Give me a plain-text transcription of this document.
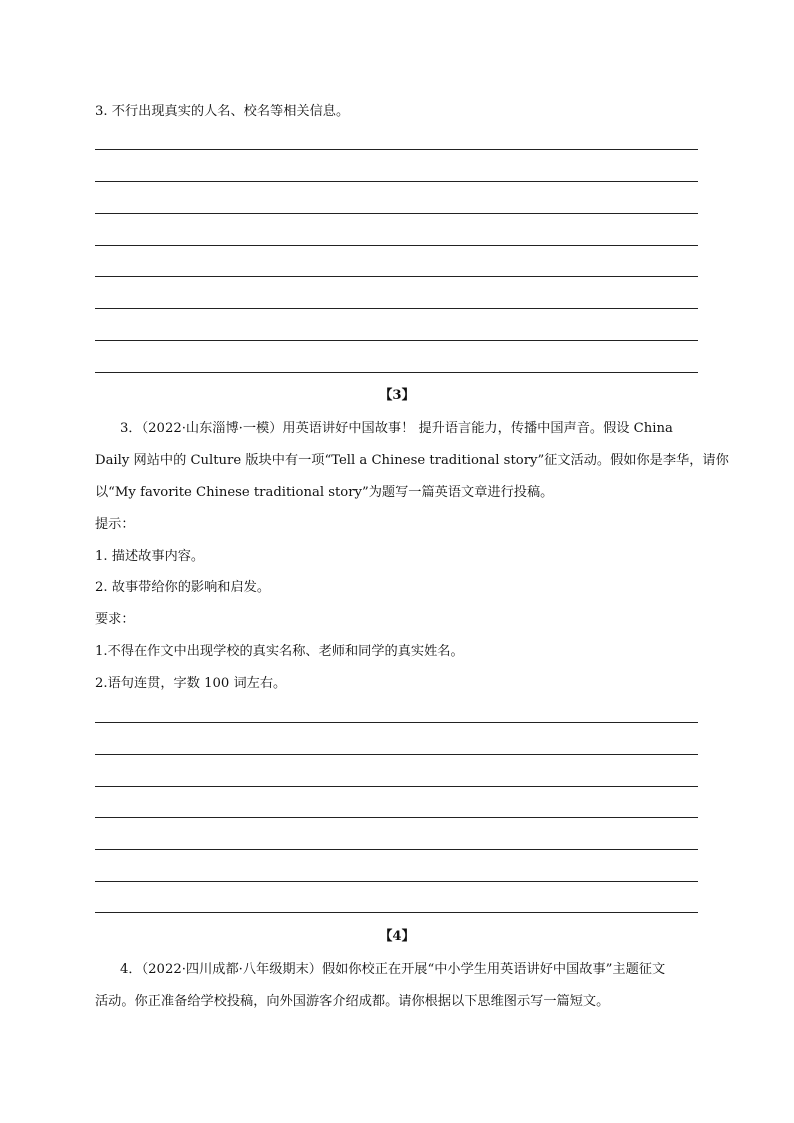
3. 不行出现真实的人名、校名等相关信息。
【3】
3．（2022·山东淄博·一模）用英语讲好中国故事！ 提升语言能力，传播中国声音。假设 China
Daily 网站中的 Culture 版块中有一项“Tell a Chinese traditional story”征文活动。假如你是李华，请你
以“My favorite Chinese traditional story”为题写一篇英语文章进行投稿。
提示：
1. 描述故事内容。
2. 故事带给你的影响和启发。
要求：
1.不得在作文中出现学校的真实名称、老师和同学的真实姓名。
2.语句连贯，字数 100 词左右。
【4】
4．（2022·四川成都·八年级期末）假如你校正在开展“中小学生用英语讲好中国故事”主题征文
活动。你正准备给学校投稿，向外国游客介绍成都。请你根据以下思维图示写一篇短文。
